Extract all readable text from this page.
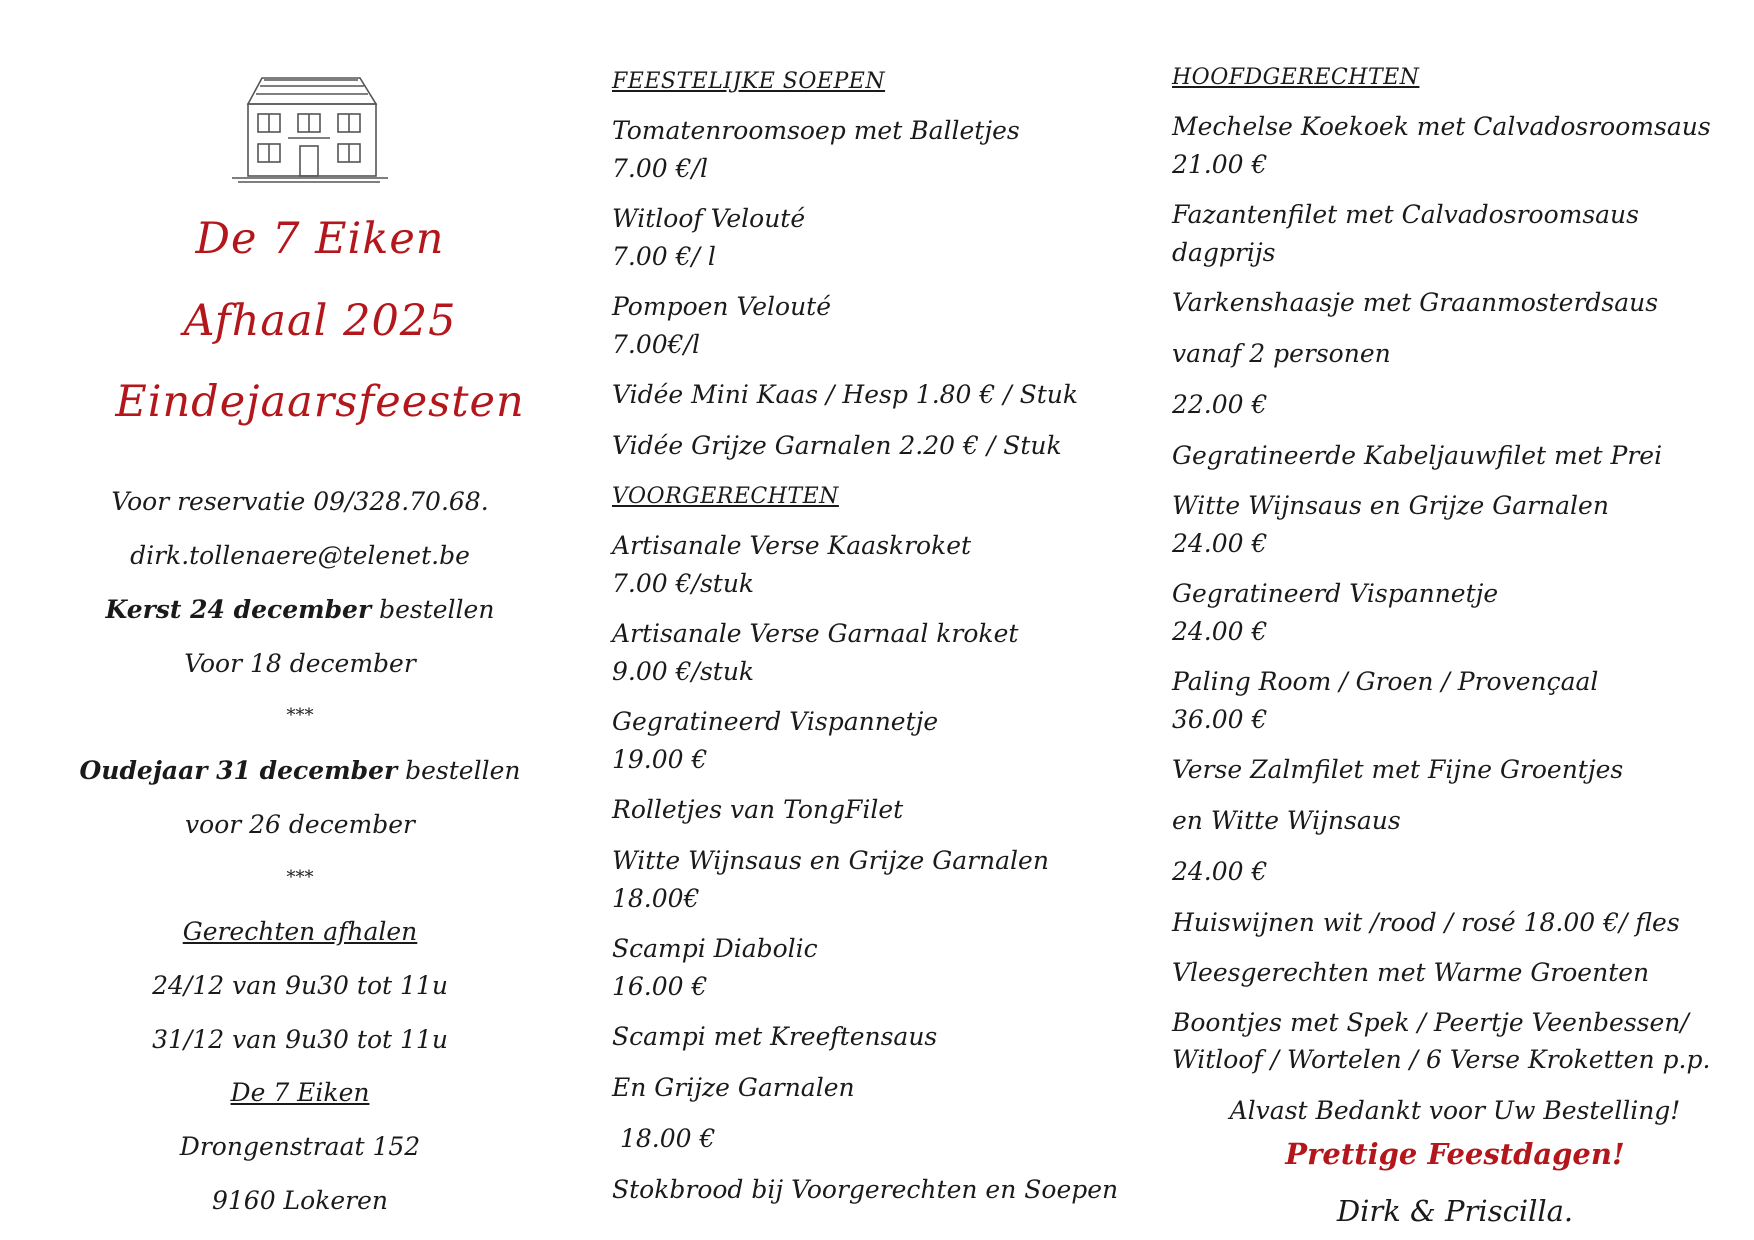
De 7 Eiken
Afhaal 2025
Eindejaarsfeesten
Voor reservatie 09/328.70.68.
dirk.tollenaere@telenet.be
Kerst 24 december bestellen
Voor 18 december
***
Oudejaar 31 december bestellen
voor 26 december
***
Gerechten afhalen
24/12 van 9u30 tot 11u
31/12 van 9u30 tot 11u
De 7 Eiken
Drongenstraat 152
9160 Lokeren
FEESTELIJKE SOEPEN
Tomatenroomsoep met Balletjes
7.00 €/l
Witloof Velouté
7.00 €/ l
Pompoen Velouté
7.00€/l
Vidée Mini Kaas / Hesp 1.80 € / Stuk
Vidée Grijze Garnalen 2.20 € / Stuk
VOORGERECHTEN
Artisanale Verse Kaaskroket
7.00 €/stuk
Artisanale Verse Garnaal kroket
9.00 €/stuk
Gegratineerd Vispannetje
19.00 €
Rolletjes van TongFilet
Witte Wijnsaus en Grijze Garnalen
18.00€
Scampi Diabolic
16.00 €
Scampi met Kreeftensaus
En Grijze Garnalen
18.00 €
Stokbrood bij Voorgerechten en Soepen
HOOFDGERECHTEN
Mechelse Koekoek met Calvadosroomsaus
21.00 €
Fazantenfilet met Calvadosroomsaus
dagprijs
Varkenshaasje met Graanmosterdsaus
vanaf 2 personen
22.00 €
Gegratineerde Kabeljauwfilet met Prei
Witte Wijnsaus en Grijze Garnalen
24.00 €
Gegratineerd Vispannetje
24.00 €
Paling Room / Groen / Provençaal
36.00 €
Verse Zalmfilet met Fijne Groentjes
en Witte Wijnsaus
24.00 €
Huiswijnen wit /rood / rosé 18.00 €/ fles
Vleesgerechten met Warme Groenten
Boontjes met Spek / Peertje Veenbessen/
Witloof / Wortelen / 6 Verse Kroketten p.p.
Alvast Bedankt voor Uw Bestelling!
Prettige Feestdagen!
Dirk & Priscilla.
